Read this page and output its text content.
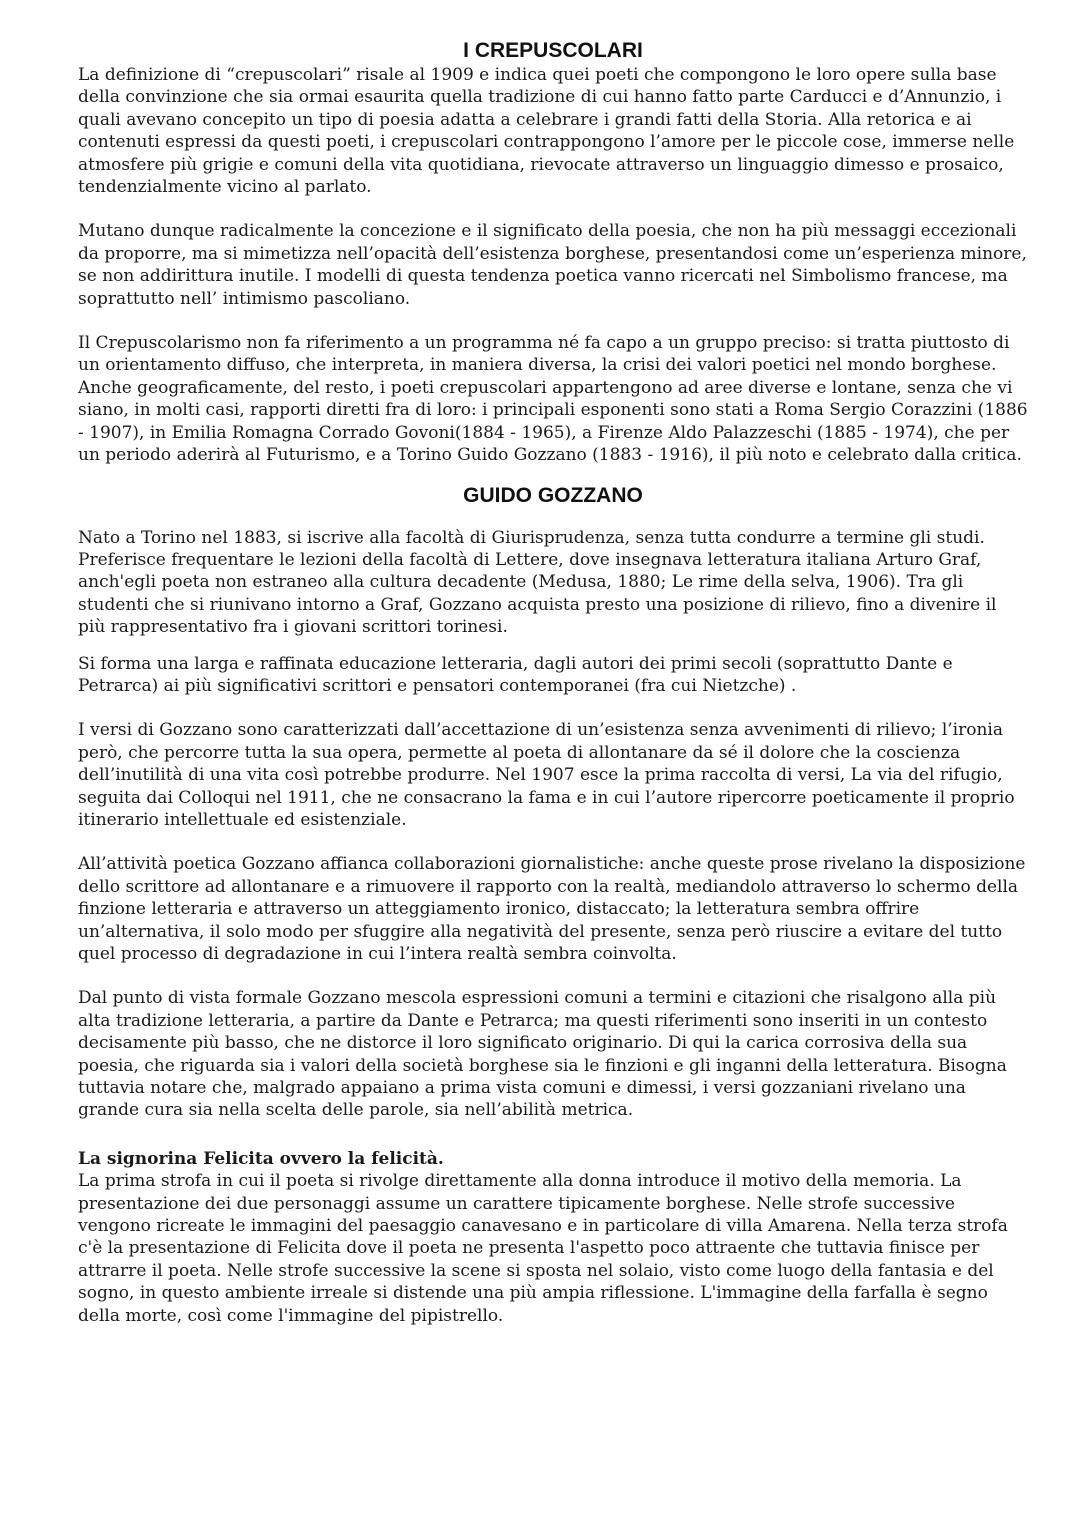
I CREPUSCOLARI

La definizione di “crepuscolari” risale al 1909 e indica quei poeti che compongono le loro opere sulla base della convinzione che sia ormai esaurita quella tradizione di cui hanno fatto parte Carducci e d’Annunzio, i quali avevano concepito un tipo di poesia adatta a celebrare i grandi fatti della Storia. Alla retorica e ai contenuti espressi da questi poeti, i crepuscolari contrappongono l’amore per le piccole cose, immerse nelle atmosfere più grigie e comuni della vita quotidiana, rievocate attraverso un linguaggio dimesso e prosaico, tendenzialmente vicino al parlato.

Mutano dunque radicalmente la concezione e il significato della poesia, che non ha più messaggi eccezionali da proporre, ma si mimetizza nell’opacità dell’esistenza borghese, presentandosi come un’esperienza minore, se non addirittura inutile. I modelli di questa tendenza poetica vanno ricercati nel Simbolismo francese, ma soprattutto nell’ intimismo pascoliano.

Il Crepuscolarismo non fa riferimento a un programma né fa capo a un gruppo preciso: si tratta piuttosto di un orientamento diffuso, che interpreta, in maniera diversa, la crisi dei valori poetici nel mondo borghese. Anche geograficamente, del resto, i poeti crepuscolari appartengono ad aree diverse e lontane, senza che vi siano, in molti casi, rapporti diretti fra di loro: i principali esponenti sono stati a Roma Sergio Corazzini (1886 - 1907), in Emilia Romagna Corrado Govoni(1884 - 1965), a Firenze Aldo Palazzeschi (1885 - 1974), che per un periodo aderirà al Futurismo, e a Torino Guido Gozzano (1883 - 1916), il più noto e celebrato dalla critica.

GUIDO GOZZANO

Nato a Torino nel 1883, si iscrive alla facoltà di Giurisprudenza, senza tutta condurre a termine gli studi. Preferisce frequentare le lezioni della facoltà di Lettere, dove insegnava letteratura italiana Arturo Graf, anch'egli poeta non estraneo alla cultura decadente (Medusa, 1880; Le rime della selva, 1906). Tra gli studenti che si riunivano intorno a Graf, Gozzano acquista presto una posizione di rilievo, fino a divenire il più rappresentativo fra i giovani scrittori torinesi.

Si forma una larga e raffinata educazione letteraria, dagli autori dei primi secoli (soprattutto Dante e Petrarca) ai più significativi scrittori e pensatori contemporanei (fra cui Nietzche) .

I versi di Gozzano sono caratterizzati dall’accettazione di un’esistenza senza avvenimenti di rilievo; l’ironia però, che percorre tutta la sua opera, permette al poeta di allontanare da sé il dolore che la coscienza dell’inutilità di una vita così potrebbe produrre. Nel 1907 esce la prima raccolta di versi, La via del rifugio, seguita dai Colloqui nel 1911, che ne consacrano la fama e in cui l’autore ripercorre poeticamente il proprio itinerario intellettuale ed esistenziale.

All’attività poetica Gozzano affianca collaborazioni giornalistiche: anche queste prose rivelano la disposizione dello scrittore ad allontanare e a rimuovere il rapporto con la realtà, mediandolo attraverso lo schermo della finzione letteraria e attraverso un atteggiamento ironico, distaccato; la letteratura sembra offrire un’alternativa, il solo modo per sfuggire alla negatività del presente, senza però riuscire a evitare del tutto quel processo di degradazione in cui l’intera realtà sembra coinvolta.

Dal punto di vista formale Gozzano mescola espressioni comuni a termini e citazioni che risalgono alla più alta tradizione letteraria, a partire da Dante e Petrarca; ma questi riferimenti sono inseriti in un contesto decisamente più basso, che ne distorce il loro significato originario. Di qui la carica corrosiva della sua poesia, che riguarda sia i valori della società borghese sia le finzioni e gli inganni della letteratura. Bisogna tuttavia notare che, malgrado appaiano a prima vista comuni e dimessi, i versi gozzaniani rivelano una grande cura sia nella scelta delle parole, sia nell’abilità metrica.

La signorina Felicita ovvero la felicità.

La prima strofa in cui il poeta si rivolge direttamente alla donna introduce il motivo della memoria. La presentazione dei due personaggi assume un carattere tipicamente borghese. Nelle strofe successive vengono ricreate le immagini del paesaggio canavesano e in particolare di villa Amarena. Nella terza strofa c'è la presentazione di Felicita dove il poeta ne presenta l'aspetto poco attraente che tuttavia finisce per attrarre il poeta. Nelle strofe successive la scene si sposta nel solaio, visto come luogo della fantasia e del sogno, in questo ambiente irreale si distende una più ampia riflessione. L'immagine della farfalla è segno della morte, così come l'immagine del pipistrello.
